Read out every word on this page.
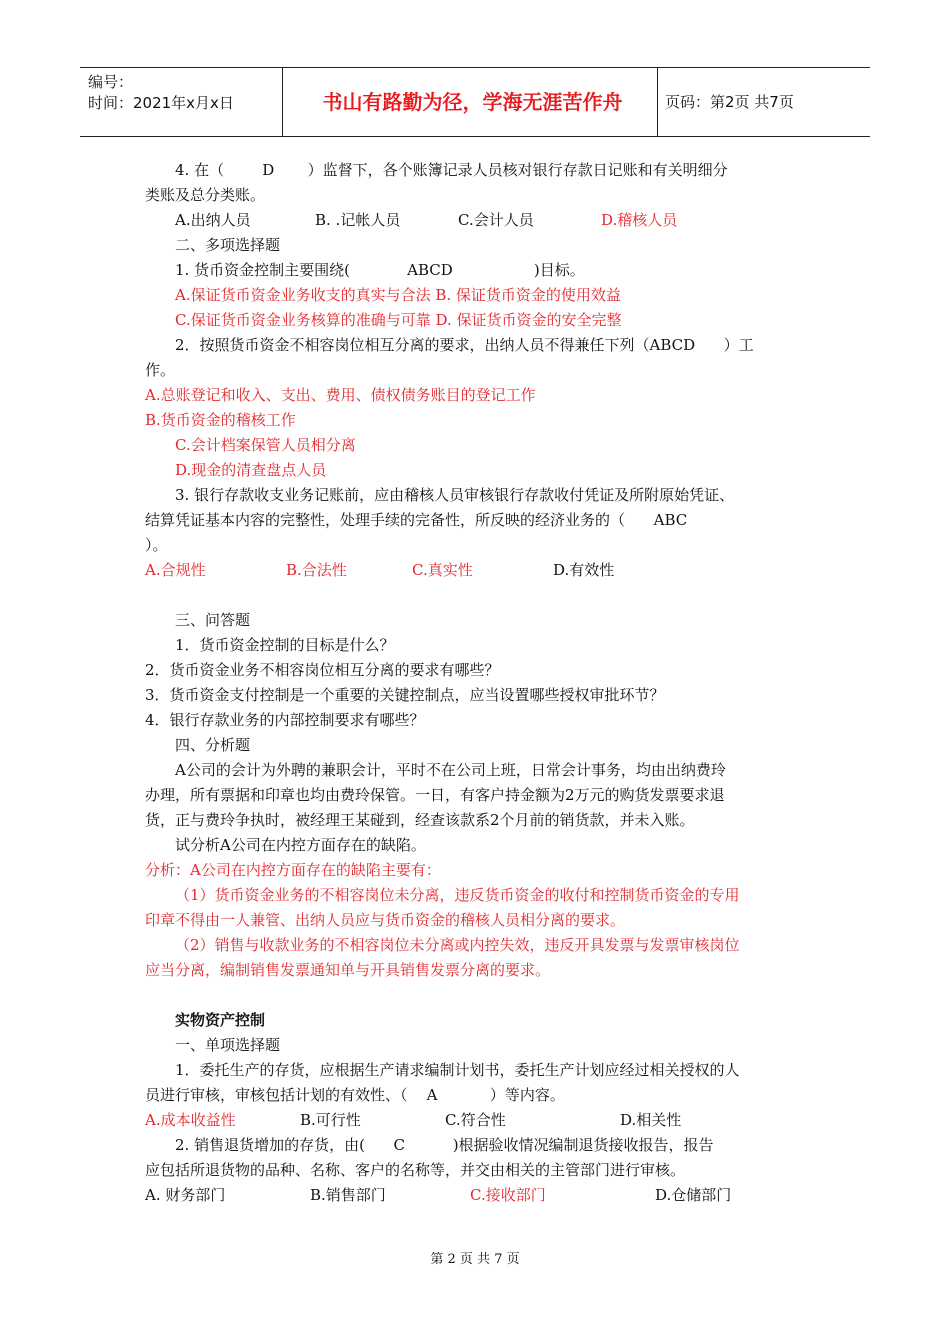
编号：
时间：2021年x月x日	书山有路勤为径，学海无涯苦作舟	页码：第2页 共7页
4. 在（        D       ）监督下，各个账簿记录人员核对银行存款日记账和有关明细分
类账及总分类账。
A.出纳人员	B. .记帐人员	C.会计人员	D.稽核人员
二、多项选择题
1. 货币资金控制主要围绕(            ABCD                 )目标。
A.保证货币资金业务收支的真实与合法 B. 保证货币资金的使用效益
C.保证货币资金业务核算的准确与可靠 D. 保证货币资金的安全完整
2．按照货币资金不相容岗位相互分离的要求，出纳人员不得兼任下列（ABCD      ）工
作。
A.总账登记和收入、支出、费用、债权债务账目的登记工作
B.货币资金的稽核工作
C.会计档案保管人员相分离
D.现金的清查盘点人员
3. 银行存款收支业务记账前，应由稽核人员审核银行存款收付凭证及所附原始凭证、
结算凭证基本内容的完整性，处理手续的完备性，所反映的经济业务的（      ABC
）。
A.合规性	B.合法性	C.真实性	D.有效性
三、问答题
1．货币资金控制的目标是什么？
2．货币资金业务不相容岗位相互分离的要求有哪些？
3．货币资金支付控制是一个重要的关键控制点，应当设置哪些授权审批环节？
4．银行存款业务的内部控制要求有哪些？
四、分析题
A公司的会计为外聘的兼职会计，平时不在公司上班，日常会计事务，均由出纳费玲
办理，所有票据和印章也均由费玲保管。一日，有客户持金额为2万元的购货发票要求退
货，正与费玲争执时，被经理王某碰到，经查该款系2个月前的销货款，并未入账。
试分析A公司在内控方面存在的缺陷。
分析：A公司在内控方面存在的缺陷主要有：
（1）货币资金业务的不相容岗位未分离，违反货币资金的收付和控制货币资金的专用
印章不得由一人兼管、出纳人员应与货币资金的稽核人员相分离的要求。
（2）销售与收款业务的不相容岗位未分离或内控失效，违反开具发票与发票审核岗位
应当分离，编制销售发票通知单与开具销售发票分离的要求。
实物资产控制
一、单项选择题
1．委托生产的存货，应根据生产请求编制计划书，委托生产计划应经过相关授权的人
员进行审核，审核包括计划的有效性、（    A           ）等内容。
A.成本收益性	B.可行性	C.符合性	D.相关性
2. 销售退货增加的存货，由(      C          )根据验收情况编制退货接收报告，报告
应包括所退货物的品种、名称、客户的名称等，并交由相关的主管部门进行审核。
A. 财务部门	B.销售部门	C.接收部门	D.仓储部门
第 2 页 共 7 页
